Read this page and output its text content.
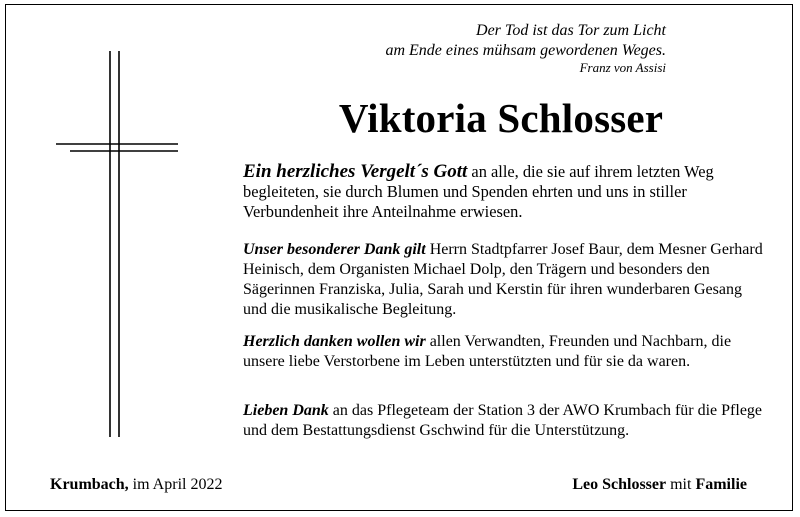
Der Tod ist das Tor zum Licht
am Ende eines mühsam gewordenen Weges.
Franz von Assisi
Viktoria Schlosser
Ein herzliches Vergelt´s Gott an alle, die sie auf ihrem letzten Weg begleiteten, sie durch Blumen und Spenden ehrten und uns in stiller Verbundenheit ihre Anteilnahme erwiesen.
Unser besonderer Dank gilt Herrn Stadtpfarrer Josef Baur, dem Mesner Gerhard Heinisch, dem Organisten Michael Dolp, den Trägern und besonders den Sägerinnen Franziska, Julia, Sarah und Kerstin für ihren wunderbaren Gesang und die musikalische Begleitung.
Herzlich danken wollen wir allen Verwandten, Freunden und Nachbarn, die unsere liebe Verstorbene im Leben unterstützten und für sie da waren.
Lieben Dank an das Pflegeteam der Station 3 der AWO Krumbach für die Pflege und dem Bestattungsdienst Gschwind für die Unterstützung.
Krumbach, im April 2022	Leo Schlosser mit Familie
